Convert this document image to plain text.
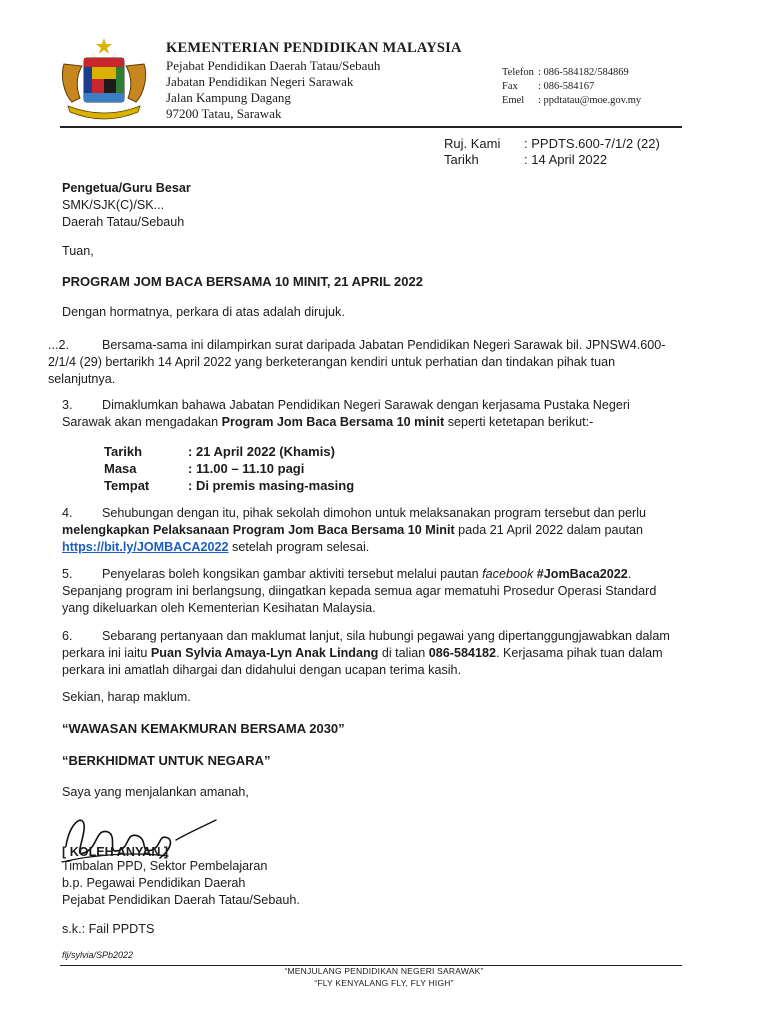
KEMENTERIAN PENDIDIKAN MALAYSIA
Pejabat Pendidikan Daerah Tatau/Sebauh
Jabatan Pendidikan Negeri Sarawak
Jalan Kampung Dagang
97200 Tatau, Sarawak
Telefon : 086-584182/584869
Fax : 086-584167
Emel : ppdtatau@moe.gov.my
Ruj. Kami : PPDTS.600-7/1/2 (22)
Tarikh	: 14 April 2022
Pengetua/Guru Besar
SMK/SJK(C)/SK...
Daerah Tatau/Sebauh
Tuan,
PROGRAM JOM BACA BERSAMA 10 MINIT, 21 APRIL 2022
Dengan hormatnya, perkara di atas adalah dirujuk.
...2.	Bersama-sama ini dilampirkan surat daripada Jabatan Pendidikan Negeri Sarawak bil. JPNSW4.600-2/1/4 (29) bertarikh 14 April 2022 yang berketerangan kendiri untuk perhatian dan tindakan pihak tuan selanjutnya.
3. Dimaklumkan bahawa Jabatan Pendidikan Negeri Sarawak dengan kerjasama Pustaka Negeri Sarawak akan mengadakan Program Jom Baca Bersama 10 minit seperti ketetapan berikut:-
Tarikh	: 21 April 2022 (Khamis)
Masa	: 11.00 – 11.10 pagi
Tempat	: Di premis masing-masing
4. Sehubungan dengan itu, pihak sekolah dimohon untuk melaksanakan program tersebut dan perlu melengkapkan Pelaksanaan Program Jom Baca Bersama 10 Minit pada 21 April 2022 dalam pautan https://bit.ly/JOMBACA2022 setelah program selesai.
5. Penyelaras boleh kongsikan gambar aktiviti tersebut melalui pautan facebook #JomBaca2022. Sepanjang program ini berlangsung, diingatkan kepada semua agar mematuhi Prosedur Operasi Standard yang dikeluarkan oleh Kementerian Kesihatan Malaysia.
6. Sebarang pertanyaan dan maklumat lanjut, sila hubungi pegawai yang dipertanggungjawabkan dalam perkara ini iaitu Puan Sylvia Amaya-Lyn Anak Lindang di talian 086-584182. Kerjasama pihak tuan dalam perkara ini amatlah dihargai dan didahului dengan ucapan terima kasih.
Sekian, harap maklum.
“WAWASAN KEMAKMURAN BERSAMA 2030”
“BERKHIDMAT UNTUK NEGARA”
Saya yang menjalankan amanah,
[ KOLEH ANYAN ]
Timbalan PPD, Sektor Pembelajaran
b.p. Pegawai Pendidikan Daerah
Pejabat Pendidikan Daerah Tatau/Sebauh.
s.k.: Fail PPDTS
flj/sylvia/SPb2022
“MENJULANG PENDIDIKAN NEGERI SARAWAK”
“FLY KENYALANG FLY, FLY HIGH”
